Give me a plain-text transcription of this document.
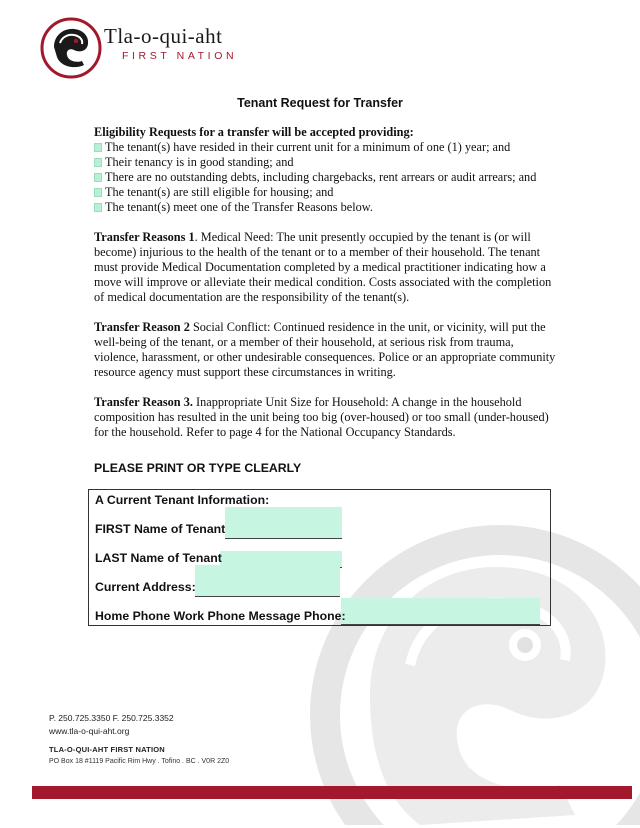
Tla-o-qui-aht
FIRST NATION
Tenant Request for Transfer

Eligibility Requests for a transfer will be accepted providing:

The tenant(s) have resided in their current unit for a minimum of one (1) year; and
Their tenancy is in good standing; and
There are no outstanding debts, including chargebacks, rent arrears or audit arrears; and
The tenant(s) are still eligible for housing; and
The tenant(s) meet one of the Transfer Reasons below.

Transfer Reasons 1. Medical Need: The unit presently occupied by the tenant is (or will become) injurious to the health of the tenant or to a member of their household. The tenant must provide Medical Documentation completed by a medical practitioner indicating how a move will improve or alleviate their medical condition. Costs associated with the completion of medical documentation are the responsibility of the tenant(s).

Transfer Reason 2 Social Conflict: Continued residence in the unit, or vicinity, will put the well-being of the tenant, or a member of their household, at serious risk from trauma, violence, harassment, or other undesirable consequences. Police or an appropriate community resource agency must support these circumstances in writing.

Transfer Reason 3. Inappropriate Unit Size for Household: A change in the household composition has resulted in the unit being too big (over-housed) or too small (under-housed) for the household. Refer to page 4 for the National Occupancy Standards.

PLEASE PRINT OR TYPE CLEARLY
A Current Tenant Information:
FIRST Name of Tenant
LAST Name of Tenant
Current Address:
Home Phone Work Phone Message Phone:
P. 250.725.3350 F. 250.725.3352
www.tla-o-qui-aht.org
TLA-O-QUI-AHT FIRST NATION
PO Box 18 #1119 Pacific Rim Hwy . Tofino . BC . V0R 2Z0
